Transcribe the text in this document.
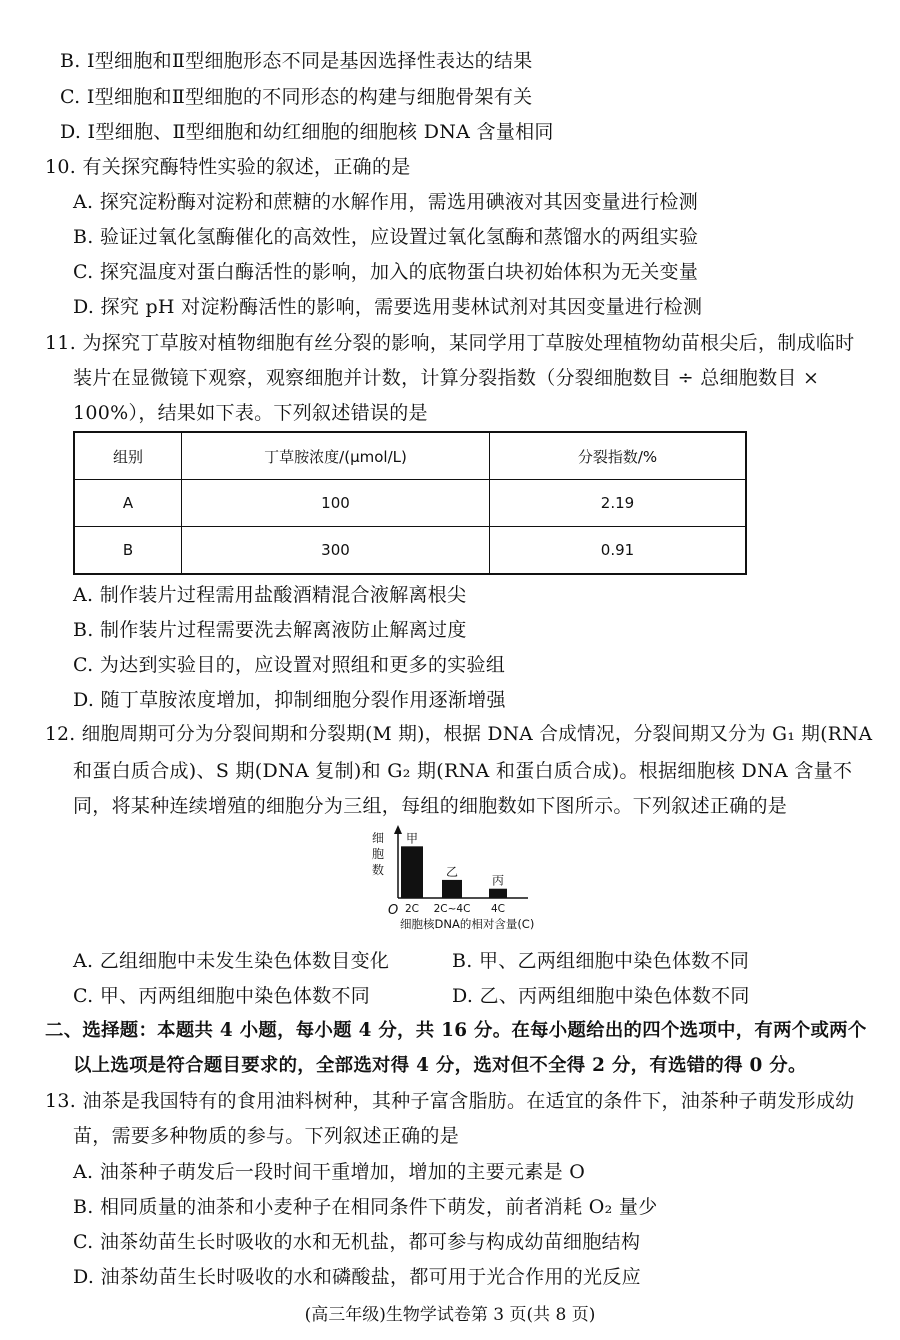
B. Ⅰ型细胞和Ⅱ型细胞形态不同是基因选择性表达的结果
C. Ⅰ型细胞和Ⅱ型细胞的不同形态的构建与细胞骨架有关
D. Ⅰ型细胞、Ⅱ型细胞和幼红细胞的细胞核 DNA 含量相同
10. 有关探究酶特性实验的叙述，正确的是
A. 探究淀粉酶对淀粉和蔗糖的水解作用，需选用碘液对其因变量进行检测
B. 验证过氧化氢酶催化的高效性，应设置过氧化氢酶和蒸馏水的两组实验
C. 探究温度对蛋白酶活性的影响，加入的底物蛋白块初始体积为无关变量
D. 探究 pH 对淀粉酶活性的影响，需要选用斐林试剂对其因变量进行检测
11. 为探究丁草胺对植物细胞有丝分裂的影响，某同学用丁草胺处理植物幼苗根尖后，制成临时
装片在显微镜下观察，观察细胞并计数，计算分裂指数（分裂细胞数目 ÷ 总细胞数目 ×
100%），结果如下表。下列叙述错误的是
组别	丁草胺浓度/(μmol/L)	分裂指数/%
A	100	2.19
B	300	0.91
A. 制作装片过程需用盐酸酒精混合液解离根尖
B. 制作装片过程需要洗去解离液防止解离过度
C. 为达到实验目的，应设置对照组和更多的实验组
D. 随丁草胺浓度增加，抑制细胞分裂作用逐渐增强
12. 细胞周期可分为分裂间期和分裂期(M 期)，根据 DNA 合成情况，分裂间期又分为 G₁ 期(RNA
和蛋白质合成)、S 期(DNA 复制)和 G₂ 期(RNA 和蛋白质合成)。根据细胞核 DNA 含量不
同，将某种连续增殖的细胞分为三组，每组的细胞数如下图所示。下列叙述正确的是
细
胞
数
O
甲
2C
乙
2C~4C
丙
4C
细胞核DNA的相对含量(C)
A. 乙组细胞中未发生染色体数目变化	B. 甲、乙两组细胞中染色体数不同
C. 甲、丙两组细胞中染色体数不同	D. 乙、丙两组细胞中染色体数不同
二、选择题：本题共 4 小题，每小题 4 分，共 16 分。在每小题给出的四个选项中，有两个或两个
以上选项是符合题目要求的，全部选对得 4 分，选对但不全得 2 分，有选错的得 0 分。
13. 油茶是我国特有的食用油料树种，其种子富含脂肪。在适宜的条件下，油茶种子萌发形成幼
苗，需要多种物质的参与。下列叙述正确的是
A. 油茶种子萌发后一段时间干重增加，增加的主要元素是 O
B. 相同质量的油茶和小麦种子在相同条件下萌发，前者消耗 O₂ 量少
C. 油茶幼苗生长时吸收的水和无机盐，都可参与构成幼苗细胞结构
D. 油茶幼苗生长时吸收的水和磷酸盐，都可用于光合作用的光反应
(高三年级)生物学试卷第 3 页(共 8 页)
